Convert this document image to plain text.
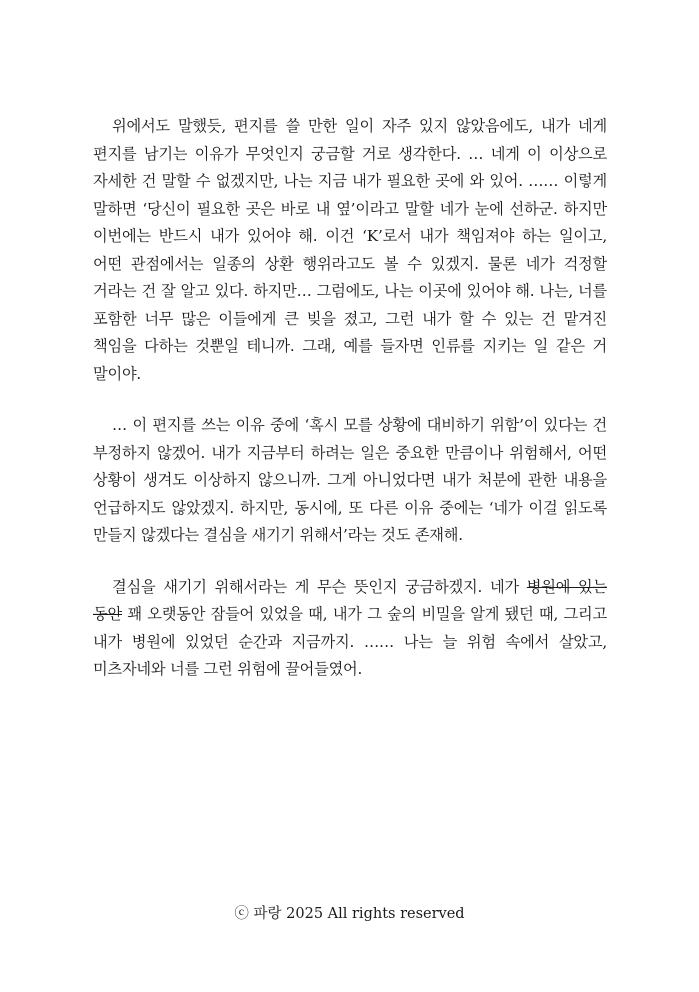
위에서도 말했듯, 편지를 쓸 만한 일이 자주 있지 않았음에도, 내가 네게 편지를 남기는 이유가 무엇인지 궁금할 거로 생각한다. … 네게 이 이상으로 자세한 건 말할 수 없겠지만, 나는 지금 내가 필요한 곳에 와 있어. …… 이렇게 말하면 ‘당신이 필요한 곳은 바로 내 옆’이라고 말할 네가 눈에 선하군. 하지만 이번에는 반드시 내가 있어야 해. 이건 ‘K’로서 내가 책임져야 하는 일이고, 어떤 관점에서는 일종의 상환 행위라고도 볼 수 있겠지. 물론 네가 걱정할 거라는 건 잘 알고 있다. 하지만… 그럼에도, 나는 이곳에 있어야 해. 나는, 너를 포함한 너무 많은 이들에게 큰 빚을 졌고, 그런 내가 할 수 있는 건 맡겨진 책임을 다하는 것뿐일 테니까. 그래, 예를 들자면 인류를 지키는 일 같은 거 말이야.

… 이 편지를 쓰는 이유 중에 ‘혹시 모를 상황에 대비하기 위함’이 있다는 건 부정하지 않겠어. 내가 지금부터 하려는 일은 중요한 만큼이나 위험해서, 어떤 상황이 생겨도 이상하지 않으니까. 그게 아니었다면 내가 처분에 관한 내용을 언급하지도 않았겠지. 하지만, 동시에, 또 다른 이유 중에는 ‘네가 이걸 읽도록 만들지 않겠다는 결심을 새기기 위해서’라는 것도 존재해.

결심을 새기기 위해서라는 게 무슨 뜻인지 궁금하겠지. 네가 병원에 있는 동안 꽤 오랫동안 잠들어 있었을 때, 내가 그 숲의 비밀을 알게 됐던 때, 그리고 내가 병원에 있었던 순간과 지금까지. …… 나는 늘 위험 속에서 살았고, 미츠자네와 너를 그런 위험에 끌어들였어.

ⓒ 파랑 2025 All rights reserved
